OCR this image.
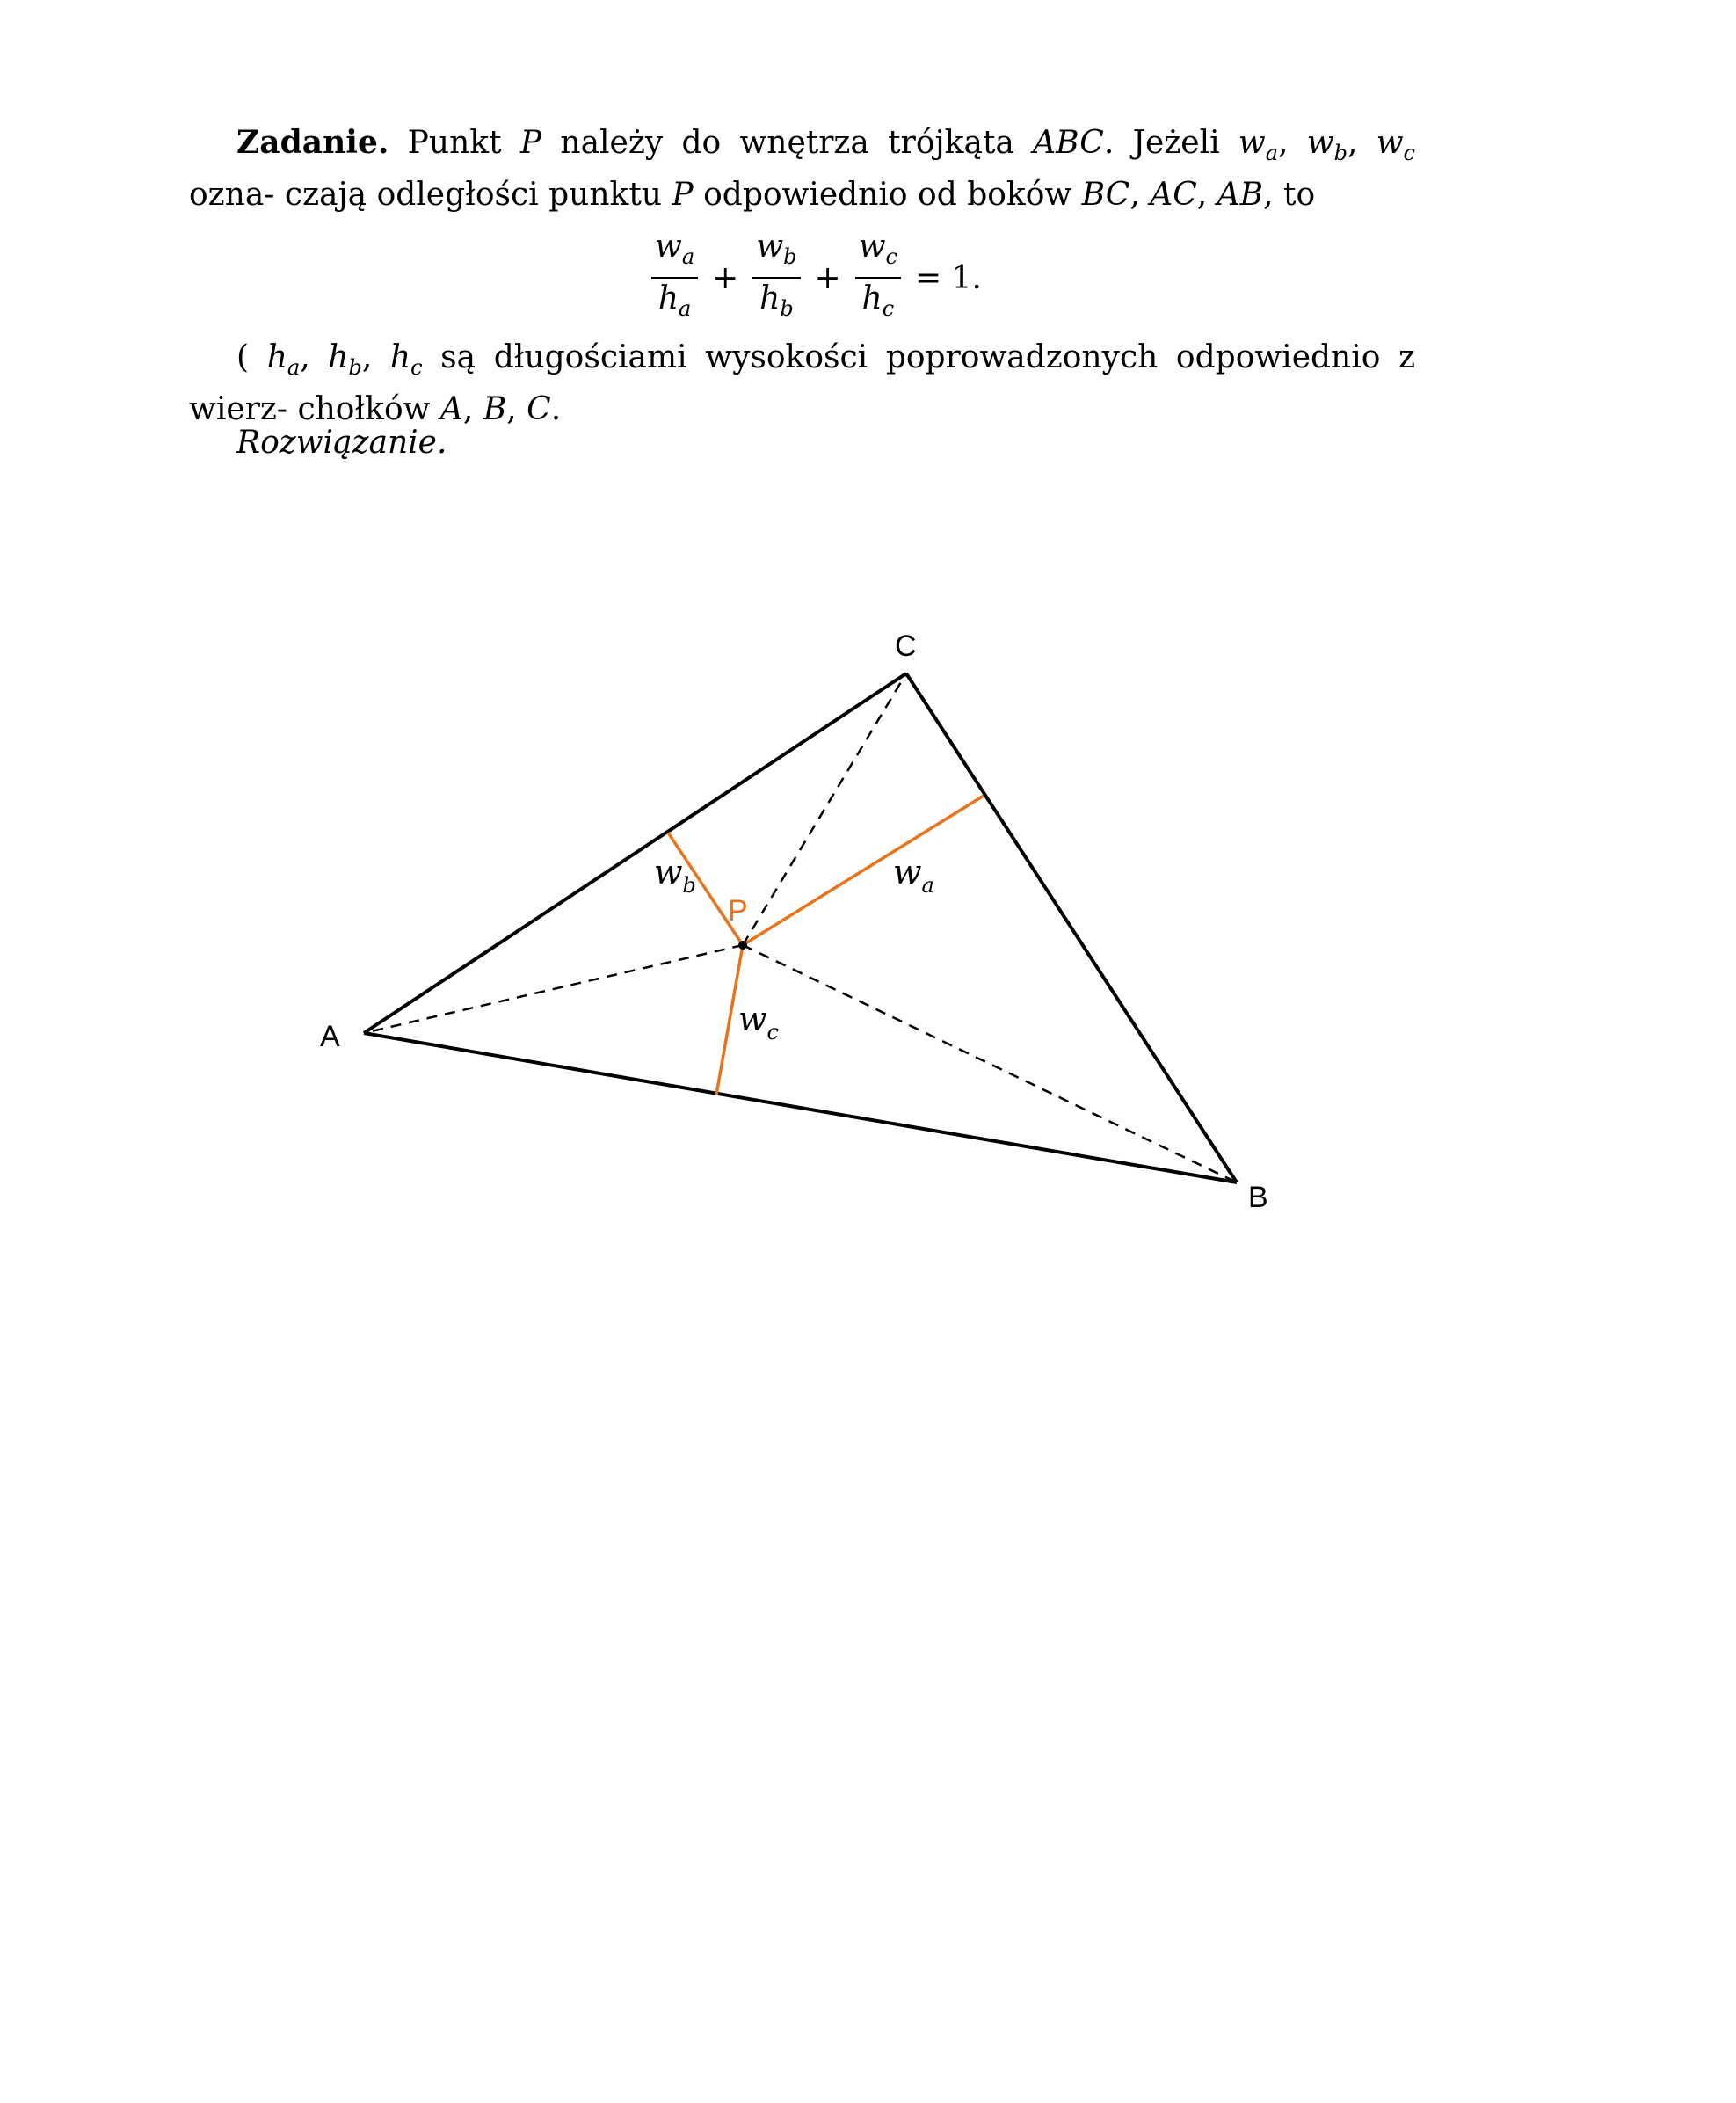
Zadanie. Punkt P należy do wnętrza trójkąta ABC. Jeżeli $w_a$, $w_b$, $w_c$ ozna- czają odległości punktu P odpowiednio od boków BC, AC, AB, to

$\frac{w_a}{h_a} + \frac{w_b}{h_b} + \frac{w_c}{h_c} = 1$.

( $h_a$, $h_b$, $h_c$ są długościami wysokości poprowadzonych odpowiednio z wierz- chołków A, B, C.

Rozwiązanie.
A
B
C
P
$w_a$
$w_b$
$w_c$
